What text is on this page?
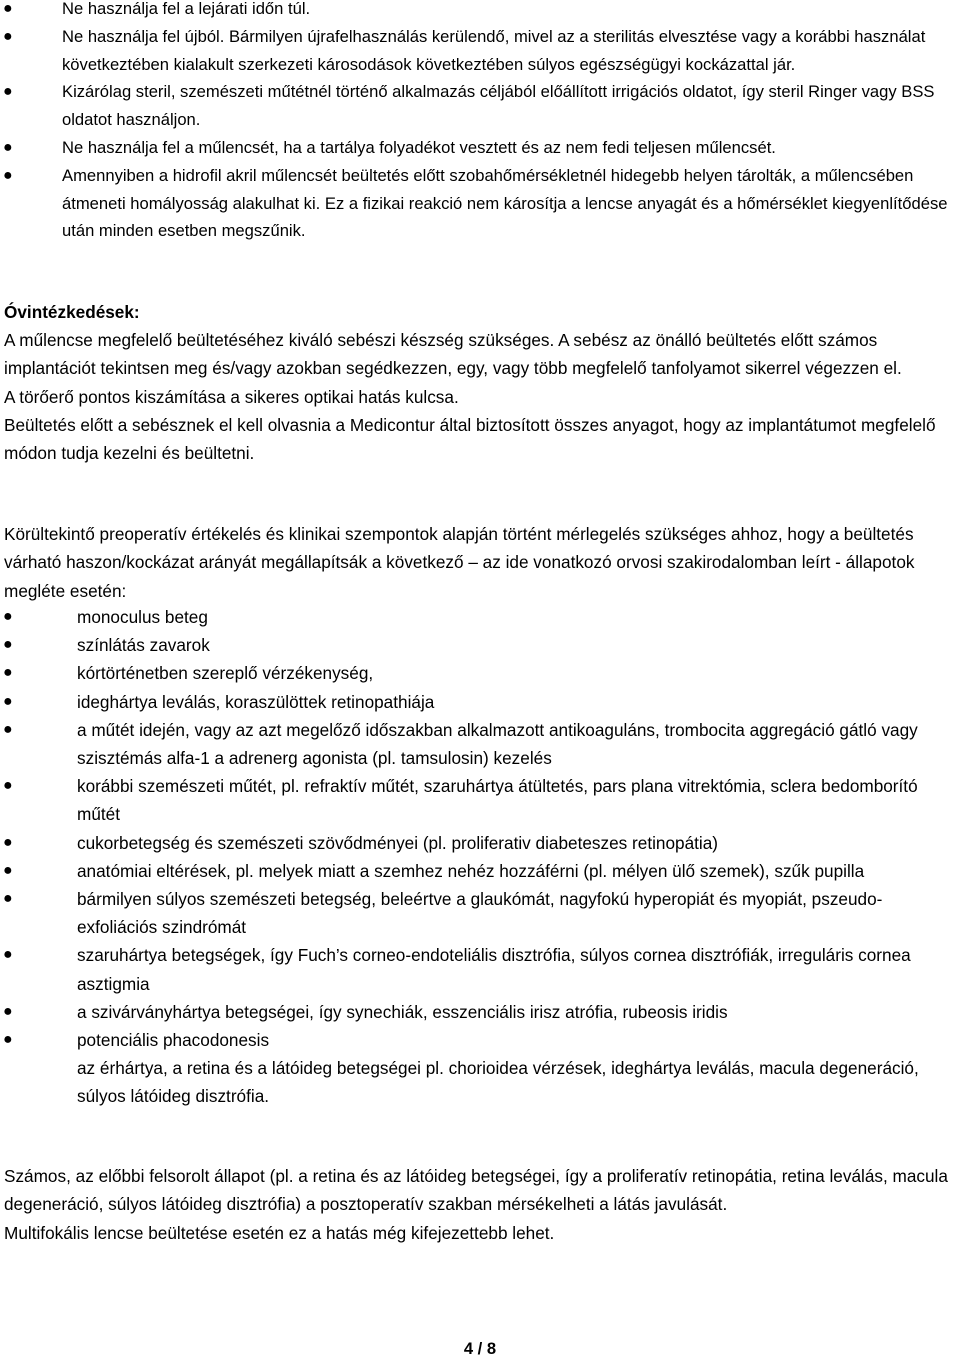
●	Ne használja fel a lejárati időn túl.
●	Ne használja fel újból. Bármilyen újrafelhasználás kerülendő, mivel az a sterilitás elvesztése vagy a korábbi használat következtében kialakult szerkezeti károsodások következtében súlyos egészségügyi kockázattal jár.
●	Kizárólag steril, szemészeti műtétnél történő alkalmazás céljából előállított irrigációs oldatot, így steril Ringer vagy BSS oldatot használjon.
●	Ne használja fel a műlencsét, ha a tartálya folyadékot vesztett és az nem fedi teljesen műlencsét.
●	Amennyiben a hidrofil akril műlencsét beültetés előtt szobahőmérsékletnél hidegebb helyen tárolták, a műlencsében átmeneti homályosság alakulhat ki. Ez a fizikai reakció nem károsítja a lencse anyagát és a hőmérséklet kiegyenlítődése után minden esetben megszűnik.
Óvintézkedések:

A műlencse megfelelő beültetéséhez kiváló sebészi készség szükséges. A sebész az önálló beültetés előtt számos implantációt tekintsen meg és/vagy azokban segédkezzen, egy, vagy több megfelelő tanfolyamot sikerrel végezzen el.

A törőerő pontos kiszámítása a sikeres optikai hatás kulcsa.

Beültetés előtt a sebésznek el kell olvasnia a Medicontur által biztosított összes anyagot, hogy az implantátumot megfelelő módon tudja kezelni és beültetni.

Körültekintő preoperatív értékelés és klinikai szempontok alapján történt mérlegelés szükséges ahhoz, hogy a beültetés várható haszon/kockázat arányát megállapítsák a következő – az ide vonatkozó orvosi szakirodalomban leírt - állapotok megléte esetén:
●	monoculus beteg
●	színlátás zavarok
●	kórtörténetben szereplő vérzékenység,
●	ideghártya leválás, koraszülöttek retinopathiája
●	a műtét idején, vagy az azt megelőző időszakban alkalmazott antikoaguláns, trombocita aggregáció gátló vagy szisztémás alfa-1 a adrenerg agonista (pl. tamsulosin) kezelés
●	korábbi szemészeti műtét, pl. refraktív műtét, szaruhártya átültetés, pars plana vitrektómia, sclera bedomborító műtét
●	cukorbetegség és szemészeti szövődményei (pl. proliferativ diabeteszes retinopátia)
●	anatómiai eltérések, pl. melyek miatt a szemhez nehéz hozzáférni (pl. mélyen ülő szemek), szűk pupilla
●	bármilyen súlyos szemészeti betegség, beleértve a glaukómát, nagyfokú hyperopiát és myopiát, pszeudo-exfoliációs szindrómát
●	szaruhártya betegségek, így Fuch’s corneo-endoteliális disztrófia, súlyos cornea disztrófiák, irreguláris cornea asztigmia
●	a szivárványhártya betegségei, így synechiák, esszenciális irisz atrófia, rubeosis iridis
●	potenciális phacodonesis
az érhártya, a retina és a látóideg betegségei pl. chorioidea vérzések, ideghártya leválás, macula degeneráció, súlyos látóideg disztrófia.

Számos, az előbbi felsorolt állapot (pl. a retina és az látóideg betegségei, így a proliferatív retinopátia, retina leválás, macula degeneráció, súlyos látóideg disztrófia) a posztoperatív szakban mérsékelheti a látás javulását.

Multifokális lencse beültetése esetén ez a hatás még kifejezettebb lehet.

4 / 8
